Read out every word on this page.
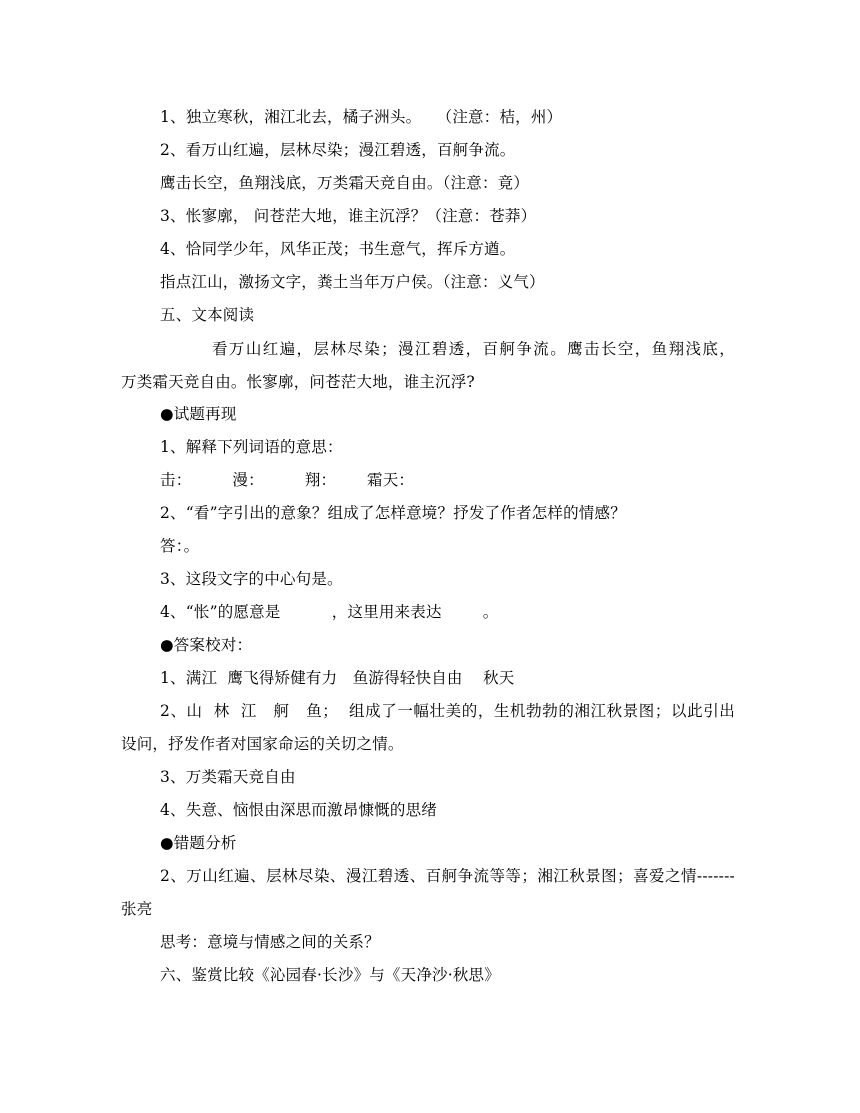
1、独立寒秋，湘江北去，橘子洲头。   （注意：桔，州）
2、看万山红遍，层林尽染；漫江碧透，百舸争流。
鹰击长空，鱼翔浅底，万类霜天竞自由。（注意：竟）
3、怅寥廓， 问苍茫大地，谁主沉浮？（注意：苍莽）
4、恰同学少年，风华正茂；书生意气，挥斥方遒。
指点江山，激扬文字，粪土当年万户侯。（注意：义气）
五、文本阅读
看万山红遍，层林尽染；漫江碧透，百舸争流。鹰击长空，鱼翔浅底，
万类霜天竞自由。怅寥廓，问苍茫大地，谁主沉浮?
●试题再现
1、解释下列词语的意思：
击：        漫：        翔：      霜天：
2、“看”字引出的意象？组成了怎样意境？抒发了作者怎样的情感？
答：。
3、这段文字的中心句是。
4、“怅”的愿意是          ，这里用来表达        。
●答案校对：
1、满江  鹰飞得矫健有力   鱼游得轻快自由    秋天
2、山  林  江   舸   鱼；  组成了一幅壮美的，生机勃勃的湘江秋景图；以此引出
设问，抒发作者对国家命运的关切之情。
3、万类霜天竞自由
4、失意、恼恨由深思而激昂慷慨的思绪
●错题分析
2、万山红遍、层林尽染、漫江碧透、百舸争流等等；湘江秋景图；喜爱之情-------
张亮
思考：意境与情感之间的关系？
六、鉴赏比较《沁园春·长沙》与《天净沙·秋思》
